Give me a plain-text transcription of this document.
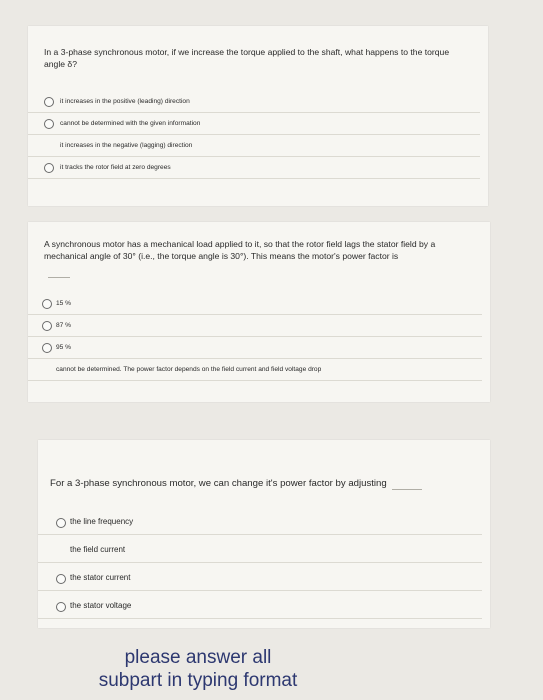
In a 3-phase synchronous motor, if we increase the torque applied to the shaft, what happens to the torque angle δ?
it increases in the positive (leading) direction
cannot be determined with the given information
it increases in the negative (lagging) direction
it tracks the rotor field at zero degrees
A synchronous motor has a mechanical load applied to it, so that the rotor field lags the stator field by a mechanical angle of 30° (i.e., the torque angle is 30°). This means the motor's power factor is
15 %
87 %
95 %
cannot be determined. The power factor depends on the field current and field voltage drop
For a 3-phase synchronous motor, we can change it's power factor by adjusting
the line frequency
the field current
the stator current
the stator voltage
please answer all
subpart in typing format
